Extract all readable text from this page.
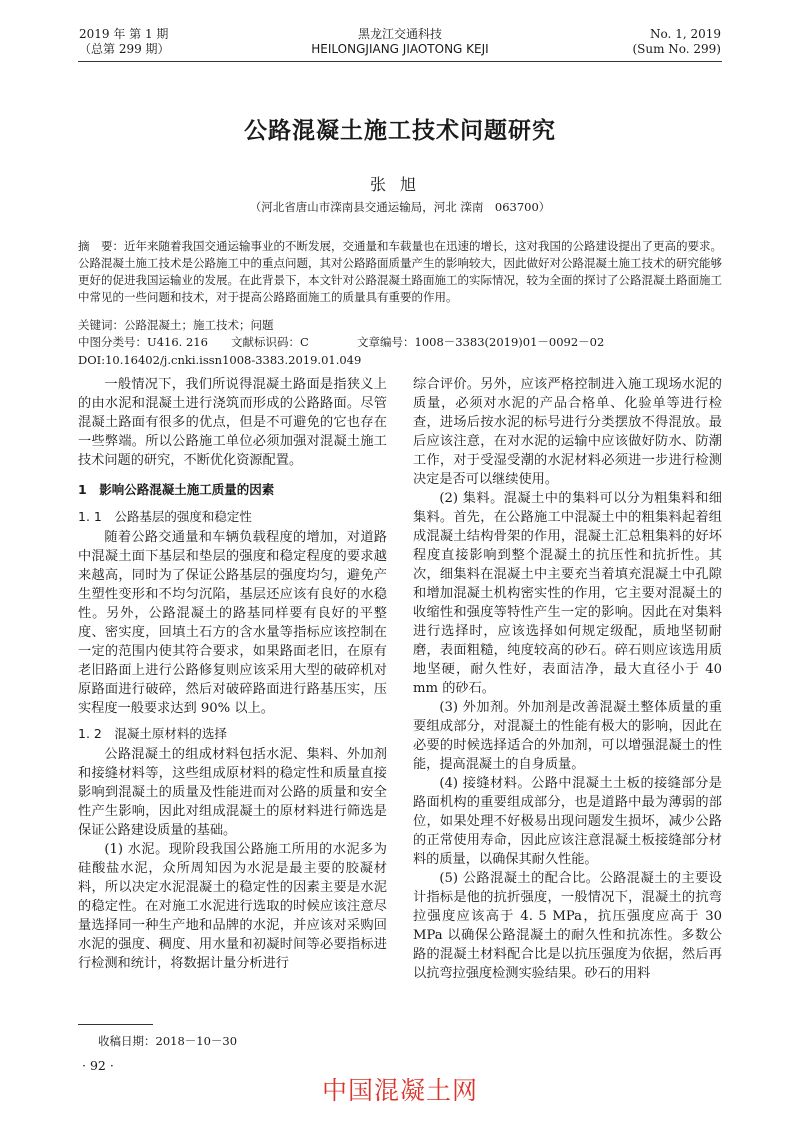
2019 年 第 1 期
（总第 299 期）
黑龙江交通科技
HEILONGJIANG JIAOTONG KEJI
No. 1, 2019
(Sum No. 299)
公路混凝土施工技术问题研究
张旭
（河北省唐山市滦南县交通运输局，河北 滦南　063700）
摘　要：近年来随着我国交通运输事业的不断发展，交通量和车载量也在迅速的增长，这对我国的公路建设提出了更高的要求。公路混凝土施工技术是公路施工中的重点问题，其对公路路面质量产生的影响较大，因此做好对公路混凝土施工技术的研究能够更好的促进我国运输业的发展。在此背景下，本文针对公路混凝土路面施工的实际情况，较为全面的探讨了公路混凝土路面施工中常见的一些问题和技术，对于提高公路路面施工的质量具有重要的作用。
关键词：公路混凝土；施工技术；问题
中图分类号：U416. 216 文献标识码：C	文章编号：1008－3383(2019)01－0092－02
DOI:10.16402/j.cnki.issn1008-3383.2019.01.049

一般情况下，我们所说得混凝土路面是指狭义上的由水泥和混凝土进行浇筑而形成的公路路面。尽管混凝土路面有很多的优点，但是不可避免的它也存在一些弊端。所以公路施工单位必须加强对混凝土施工技术问题的研究，不断优化资源配置。

1　影响公路混凝土施工质量的因素

1. 1　公路基层的强度和稳定性

随着公路交通量和车辆负载程度的增加，对道路中混凝土面下基层和垫层的强度和稳定程度的要求越来越高，同时为了保证公路基层的强度均匀，避免产生塑性变形和不均匀沉陷，基层还应该有良好的水稳性。另外，公路混凝土的路基同样要有良好的平整度、密实度，回填土石方的含水量等指标应该控制在一定的范围内使其符合要求，如果路面老旧，在原有老旧路面上进行公路修复则应该采用大型的破碎机对原路面进行破碎，然后对破碎路面进行路基压实，压实程度一般要求达到 90% 以上。

1. 2　混凝土原材料的选择

公路混凝土的组成材料包括水泥、集料、外加剂和接缝材料等，这些组成原材料的稳定性和质量直接影响到混凝土的质量及性能进而对公路的质量和安全性产生影响，因此对组成混凝土的原材料进行筛选是保证公路建设质量的基础。

(1) 水泥。现阶段我国公路施工所用的水泥多为硅酸盐水泥，众所周知因为水泥是最主要的胶凝材料，所以决定水泥混凝土的稳定性的因素主要是水泥的稳定性。在对施工水泥进行选取的时候应该注意尽量选择同一种生产地和品牌的水泥，并应该对采购回水泥的强度、稠度、用水量和初凝时间等必要指标进行检测和统计，将数据计量分析进行

综合评价。另外，应该严格控制进入施工现场水泥的质量，必须对水泥的产品合格单、化验单等进行检查，进场后按水泥的标号进行分类摆放不得混放。最后应该注意，在对水泥的运输中应该做好防水、防潮工作，对于受湿受潮的水泥材料必须进一步进行检测决定是否可以继续使用。

(2) 集料。混凝土中的集料可以分为粗集料和细集料。首先，在公路施工中混凝土中的粗集料起着组成混凝土结构骨架的作用，混凝土汇总粗集料的好坏程度直接影响到整个混凝土的抗压性和抗折性。其次，细集料在混凝土中主要充当着填充混凝土中孔隙和增加混凝土机构密实性的作用，它主要对混凝土的收缩性和强度等特性产生一定的影响。因此在对集料进行选择时，应该选择如何规定级配，质地坚韧耐磨，表面粗糙，纯度较高的砂石。碎石则应该选用质地坚硬，耐久性好，表面洁净，最大直径小于 40 mm 的砂石。

(3) 外加剂。外加剂是改善混凝土整体质量的重要组成部分，对混凝土的性能有极大的影响，因此在必要的时候选择适合的外加剂，可以增强混凝土的性能，提高混凝土的自身质量。

(4) 接缝材料。公路中混凝土土板的接缝部分是路面机构的重要组成部分，也是道路中最为薄弱的部位，如果处理不好极易出现问题发生损坏，减少公路的正常使用寿命，因此应该注意混凝土板接缝部分材料的质量，以确保其耐久性能。

(5) 公路混凝土的配合比。公路混凝土的主要设计指标是他的抗折强度，一般情况下，混凝土的抗弯拉强度应该高于 4. 5 MPa，抗压强度应高于 30 MPa 以确保公路混凝土的耐久性和抗冻性。多数公路的混凝土材料配合比是以抗压强度为依据，然后再以抗弯拉强度检测实验结果。砂石的用料

收稿日期：2018－10－30
· 92 ·
中国混凝土网
